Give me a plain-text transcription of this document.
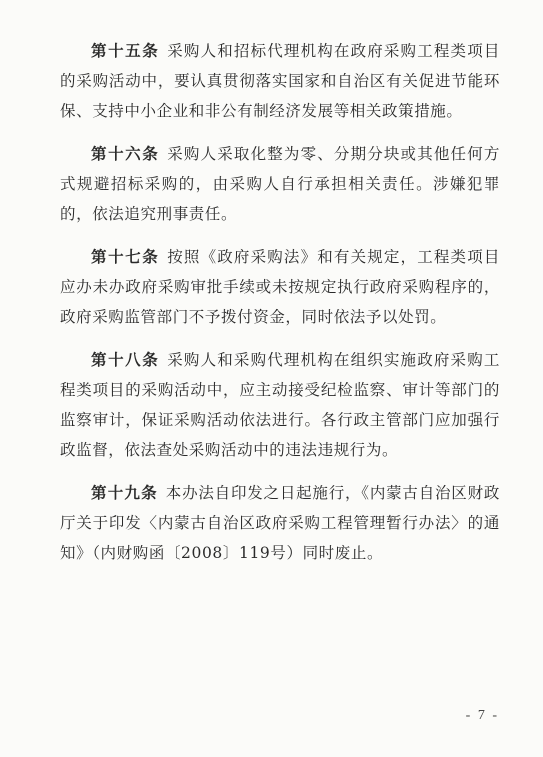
第十五条 采购人和招标代理机构在政府采购工程类项目的采购活动中，要认真贯彻落实国家和自治区有关促进节能环保、支持中小企业和非公有制经济发展等相关政策措施。

第十六条 采购人采取化整为零、分期分块或其他任何方式规避招标采购的，由采购人自行承担相关责任。涉嫌犯罪的，依法追究刑事责任。

第十七条 按照《政府采购法》和有关规定，工程类项目应办未办政府采购审批手续或未按规定执行政府采购程序的，政府采购监管部门不予拨付资金，同时依法予以处罚。

第十八条 采购人和采购代理机构在组织实施政府采购工程类项目的采购活动中，应主动接受纪检监察、审计等部门的监察审计，保证采购活动依法进行。各行政主管部门应加强行政监督，依法查处采购活动中的违法违规行为。

第十九条 本办法自印发之日起施行，《内蒙古自治区财政厅关于印发〈内蒙古自治区政府采购工程管理暂行办法〉的通知》（内财购函〔2008〕119号）同时废止。

- 7 -
